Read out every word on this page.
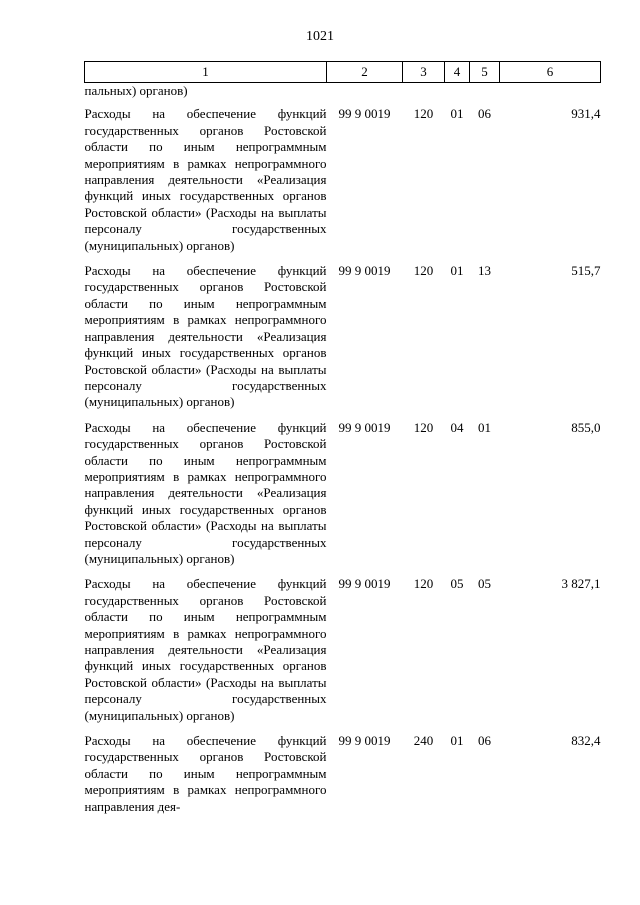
1021
1	2	3	4	5	6
пальных) органов)					
Расходы на обеспечение функций государственных органов Ростовской области по иным непрограммным мероприятиям в рамках непрограммного направления деятельности «Реализация функций иных государственных органов Ростовской области» (Расходы на выплаты персоналу государственных (муниципальных) органов)	99 9 0019	120	01	06	931,4
Расходы на обеспечение функций государственных органов Ростовской области по иным непрограммным мероприятиям в рамках непрограммного направления деятельности «Реализация функций иных государственных органов Ростовской области» (Расходы на выплаты персоналу государственных (муниципальных) органов)	99 9 0019	120	01	13	515,7
Расходы на обеспечение функций государственных органов Ростовской области по иным непрограммным мероприятиям в рамках непрограммного направления деятельности «Реализация функций иных государственных органов Ростовской области» (Расходы на выплаты персоналу государственных (муниципальных) органов)	99 9 0019	120	04	01	855,0
Расходы на обеспечение функций государственных органов Ростовской области по иным непрограммным мероприятиям в рамках непрограммного направления деятельности «Реализация функций иных государственных органов Ростовской области» (Расходы на выплаты персоналу государственных (муниципальных) органов)	99 9 0019	120	05	05	3 827,1
Расходы на обеспечение функций государственных органов Ростовской области по иным непрограммным мероприятиям в рамках непрограммного направления дея-	99 9 0019	240	01	06	832,4
